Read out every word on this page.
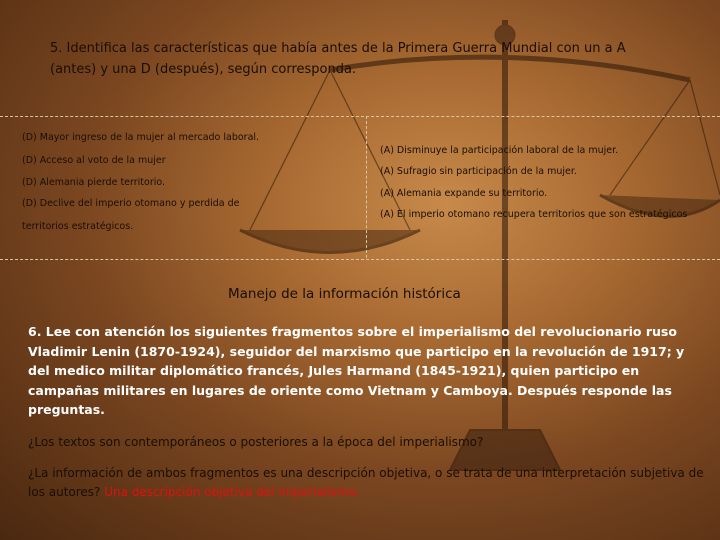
5. Identifica las características que había antes de la Primera Guerra Mundial con un a A (antes) y una D (después), según corresponda.
(D) Mayor ingreso de la mujer al mercado laboral.
(D) Acceso al voto de la mujer
(D) Alemania pierde territorio.
(D) Declive del imperio otomano y perdida de
territorios estratégicos.
(A) Disminuye la participación laboral de la mujer.
(A) Sufragio sin participación de la mujer.
(A) Alemania expande su territorio.
(A) El imperio otomano recupera territorios que son estratégicos
Manejo de la información histórica
6. Lee con atención los siguientes fragmentos sobre el imperialismo del revolucionario ruso Vladimir Lenin (1870-1924), seguidor del marxismo que participo en la revolución de 1917; y del medico militar diplomático francés, Jules Harmand (1845-1921), quien participo en campañas militares en lugares de oriente como Vietnam y Camboya. Después responde las preguntas.
¿Los textos son contemporáneos o posteriores a la época del imperialismo?
¿La información de ambos fragmentos es una descripción objetiva, o se trata de una interpretación subjetiva de los autores? Una descripción objetiva del imperialismo.
